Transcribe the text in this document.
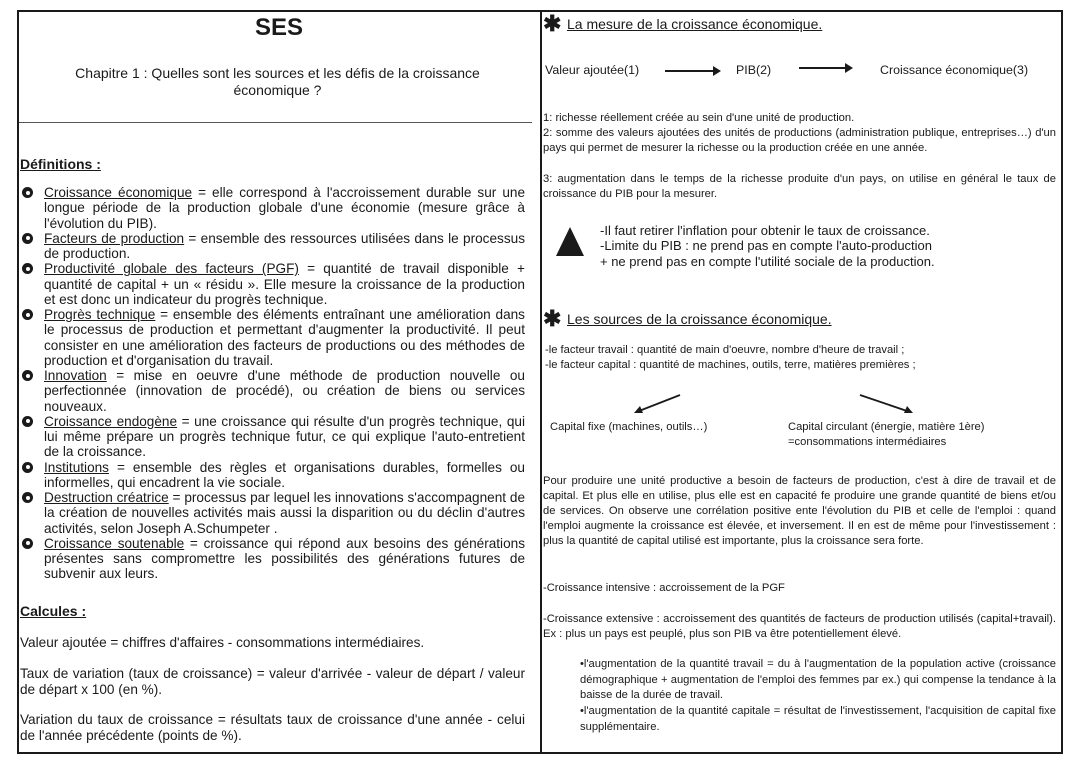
SES
Chapitre 1 : Quelles sont les sources et les défis de la croissance économique ?
Définitions :
Croissance économique = elle correspond à l'accroissement durable sur une longue période de la production globale d'une économie (mesure grâce à l'évolution du PIB).
Facteurs de production = ensemble des ressources utilisées dans le processus de production.
Productivité globale des facteurs (PGF) = quantité de travail disponible + quantité de capital + un « résidu ». Elle mesure la croissance de la production et est donc un indicateur du progrès technique.
Progrès technique = ensemble des éléments entraînant une amélioration dans le processus de production et permettant d'augmenter la productivité. Il peut consister en une amélioration des facteurs de productions ou des méthodes de production et d'organisation du travail.
Innovation = mise en oeuvre d'une méthode de production nouvelle ou perfectionnée (innovation de procédé), ou création de biens ou services nouveaux.
Croissance endogène = une croissance qui résulte d'un progrès technique, qui lui même prépare un progrès technique futur, ce qui explique l'auto-entretient de la croissance.
Institutions = ensemble des règles et organisations durables, formelles ou informelles, qui encadrent la vie sociale.
Destruction créatrice = processus par lequel les innovations s'accompagnent de la création de nouvelles activités mais aussi la disparition ou du déclin d'autres activités, selon Joseph A.Schumpeter .
Croissance soutenable = croissance qui répond aux besoins des générations présentes sans compromettre les possibilités des générations futures de subvenir aux leurs.
Calcules :
Valeur ajoutée = chiffres d'affaires - consommations intermédiaires.
Taux de variation (taux de croissance) = valeur d'arrivée - valeur de départ / valeur de départ x 100 (en %).
Variation du taux de croissance = résultats taux de croissance d'une année - celui de l'année précédente (points de %).
✱ La mesure de la croissance économique.
Valeur ajoutée(1)	PIB(2)	Croissance économique(3)
1: richesse réellement créée au sein d'une unité de production.
2: somme des valeurs ajoutées des unités de productions (administration publique, entreprises…) d'un pays qui permet de mesurer la richesse ou la production créée en une année.
3: augmentation dans le temps de la richesse produite d'un pays, on utilise en général le taux de croissance du PIB pour la mesurer.
-Il faut retirer l'inflation pour obtenir le taux de croissance.
-Limite du PIB : ne prend pas en compte l'auto-production
+ ne prend pas en compte l'utilité sociale de la production.
✱ Les sources de la croissance économique.
-le facteur travail : quantité de main d'oeuvre, nombre d'heure de travail ;
-le facteur capital : quantité de machines, outils, terre, matières premières ;
Capital fixe (machines, outils…)	Capital circulant (énergie, matière 1ère)
=consommations intermédiaires
Pour produire une unité productive a besoin de facteurs de production, c'est à dire de travail et de capital. Et plus elle en utilise, plus elle est en capacité fe produire une grande quantité de biens et/ou de services. On observe une corrélation positive ente l'évolution du PIB et celle de l'emploi : quand l'emploi augmente la croissance est élevée, et inversement. Il en est de même pour l'investissement : plus la quantité de capital utilisé est importante, plus la croissance sera forte.
-Croissance intensive : accroissement de la PGF
-Croissance extensive : accroissement des quantités de facteurs de production utilisés (capital+travail). Ex : plus un pays est peuplé, plus son PIB va être potentiellement élevé.
•l'augmentation de la quantité travail = du à l'augmentation de la population active (croissance démographique + augmentation de l'emploi des femmes par ex.) qui compense la tendance à la baisse de la durée de travail.
•l'augmentation de la quantité capitale = résultat de l'investissement, l'acquisition de capital fixe supplémentaire.
